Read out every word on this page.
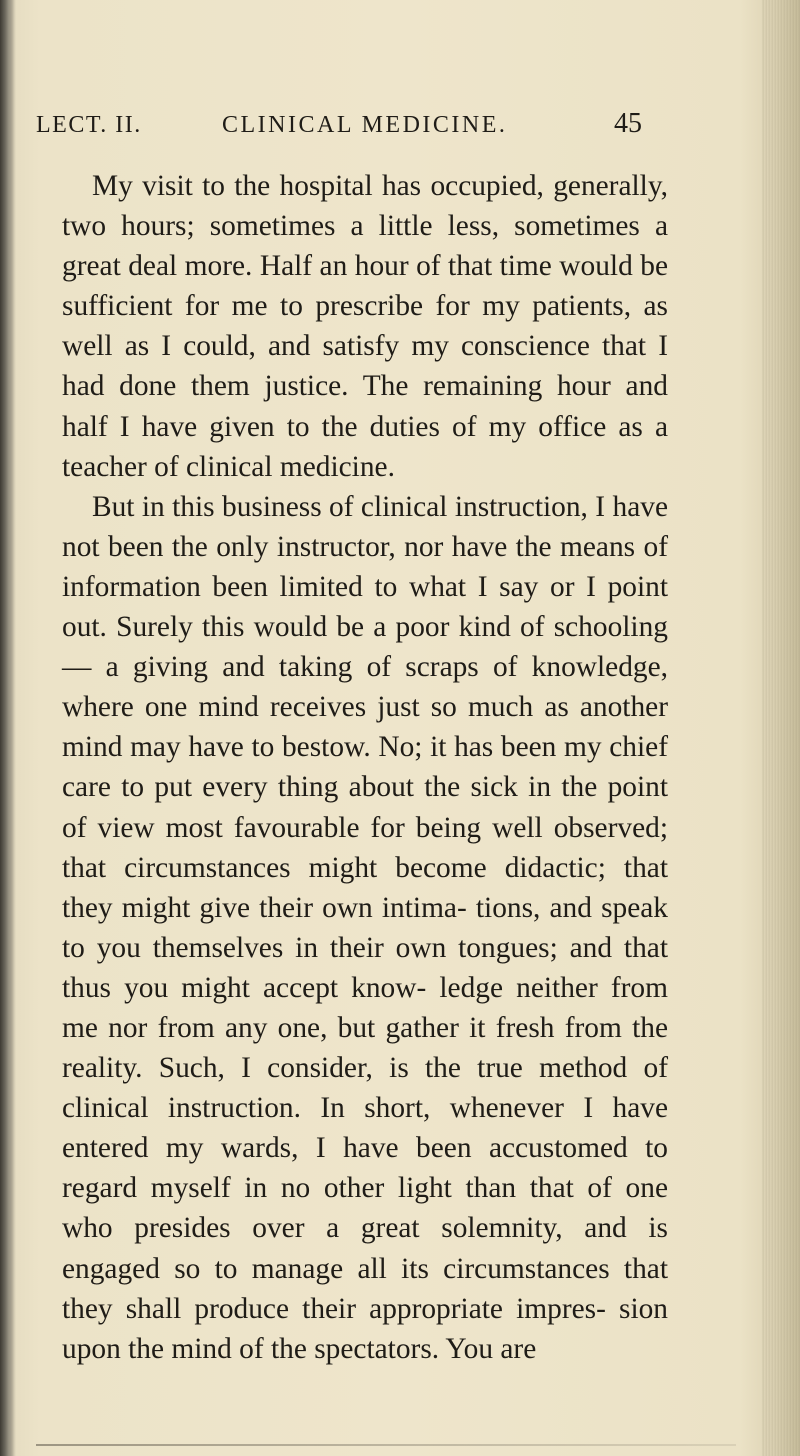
LECT. II.	CLINICAL MEDICINE.	45

My visit to the hospital has occupied, generally, two hours; sometimes a little less, sometimes a great deal more. Half an hour of that time would be sufficient for me to prescribe for my patients, as well as I could, and satisfy my conscience that I had done them justice. The remaining hour and half I have given to the duties of my office as a teacher of clinical medicine.

But in this business of clinical instruction, I have not been the only instructor, nor have the means of information been limited to what I say or I point out. Surely this would be a poor kind of schooling — a giving and taking of scraps of knowledge, where one mind receives just so much as another mind may have to bestow. No; it has been my chief care to put every thing about the sick in the point of view most favourable for being well observed; that circumstances might become didactic; that they might give their own intima- tions, and speak to you themselves in their own tongues; and that thus you might accept know- ledge neither from me nor from any one, but gather it fresh from the reality. Such, I consider, is the true method of clinical instruction. In short, whenever I have entered my wards, I have been accustomed to regard myself in no other light than that of one who presides over a great solemnity, and is engaged so to manage all its circumstances that they shall produce their appropriate impres- sion upon the mind of the spectators. You are
